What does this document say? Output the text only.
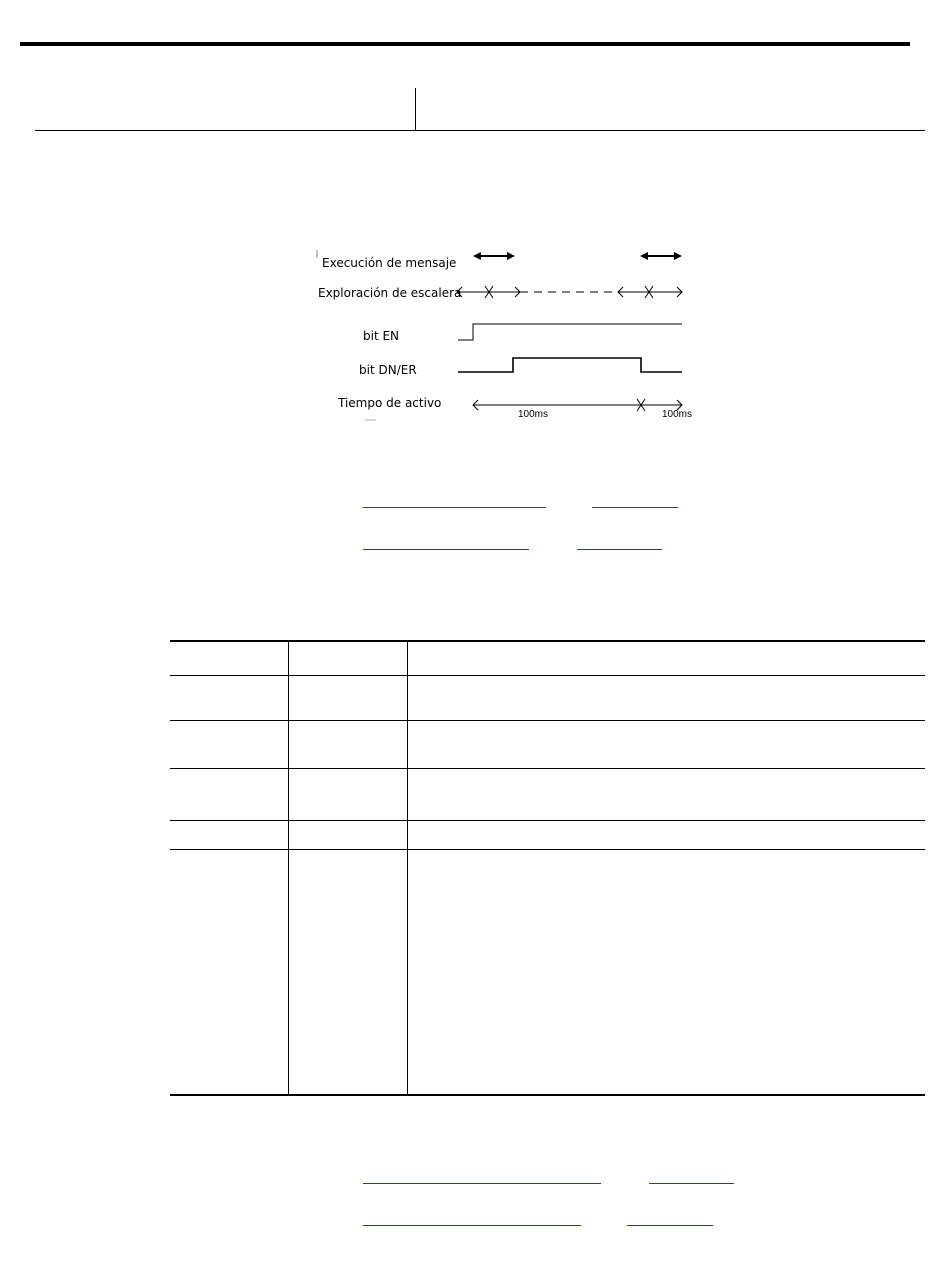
Execución de mensaje
Exploración de escalera
bit EN
bit DN/ER
Tiempo de activo
100ms	100ms
